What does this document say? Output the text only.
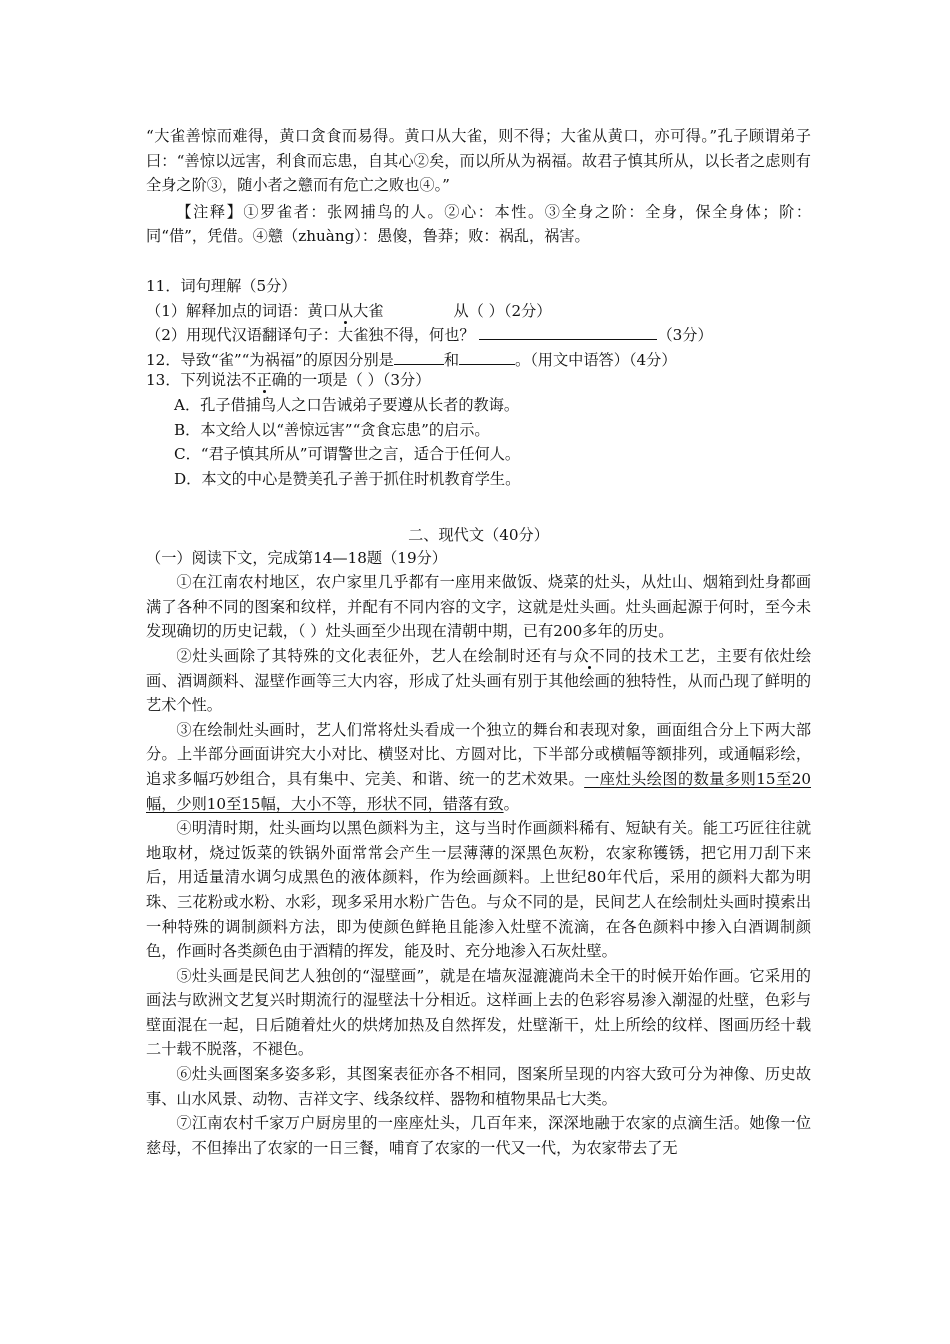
“大雀善惊而难得，黄口贪食而易得。黄口从大雀，则不得；大雀从黄口，亦可得。”孔子顾谓弟子曰：“善惊以远害，利食而忘患，自其心②矣，而以所从为祸福。故君子慎其所从，以长者之虑则有全身之阶③，随小者之戆而有危亡之败也④。”

【注释】①罗雀者：张网捕鸟的人。②心：本性。③全身之阶：全身，保全身体；阶：同“借”，凭借。④戆（zhuàng）：愚傻，鲁莽；败：祸乱，祸害。

11．词句理解（5分）

（1）解释加点的词语：黄口从大雀	从（ ）（2分）

（2）用现代汉语翻译句子：大雀独不得，何也？	（3分）

12．导致“雀”“为祸福”的原因分别是	和	。（用文中语答）（4分）

13．下列说法不正确的一项是（ ）（3分）

A．孔子借捕鸟人之口告诫弟子要遵从长者的教诲。

B．本文给人以“善惊远害”“贪食忘患”的启示。

C．“君子慎其所从”可谓警世之言，适合于任何人。

D．本文的中心是赞美孔子善于抓住时机教育学生。

二、现代文（40分）

（一）阅读下文，完成第14—18题（19分）

①在江南农村地区，农户家里几乎都有一座用来做饭、烧菜的灶头，从灶山、烟箱到灶身都画满了各种不同的图案和纹样，并配有不同内容的文字，这就是灶头画。灶头画起源于何时，至今未发现确切的历史记载，（ ）灶头画至少出现在清朝中期，已有200多年的历史。

②灶头画除了其特殊的文化表征外，艺人在绘制时还有与众不同的技术工艺，主要有依灶绘画、酒调颜料、湿壁作画等三大内容，形成了灶头画有别于其他绘画的独特性，从而凸现了鲜明的艺术个性。

③在绘制灶头画时，艺人们常将灶头看成一个独立的舞台和表现对象，画面组合分上下两大部分。上半部分画面讲究大小对比、横竖对比、方圆对比，下半部分或横幅等额排列，或通幅彩绘，追求多幅巧妙组合，具有集中、完美、和谐、统一的艺术效果。一座灶头绘图的数量多则15至20幅，少则10至15幅，大小不等，形状不同，错落有致。

④明清时期，灶头画均以黑色颜料为主，这与当时作画颜料稀有、短缺有关。能工巧匠往往就地取材，烧过饭菜的铁锅外面常常会产生一层薄薄的深黑色灰粉，农家称镬锈，把它用刀刮下来后，用适量清水调匀成黑色的液体颜料，作为绘画颜料。上世纪80年代后，采用的颜料大都为明珠、三花粉或水粉、水彩，现多采用水粉广告色。与众不同的是，民间艺人在绘制灶头画时摸索出一种特殊的调制颜料方法，即为使颜色鲜艳且能渗入灶壁不流滴，在各色颜料中掺入白酒调制颜色，作画时各类颜色由于酒精的挥发，能及时、充分地渗入石灰灶壁。

⑤灶头画是民间艺人独创的“湿壁画”，就是在墙灰湿漉漉尚未全干的时候开始作画。它采用的画法与欧洲文艺复兴时期流行的湿壁法十分相近。这样画上去的色彩容易渗入潮湿的灶壁，色彩与壁面混在一起，日后随着灶火的烘烤加热及自然挥发，灶壁渐干，灶上所绘的纹样、图画历经十载二十载不脱落，不褪色。

⑥灶头画图案多姿多彩，其图案表征亦各不相同，图案所呈现的内容大致可分为神像、历史故事、山水风景、动物、吉祥文字、线条纹样、器物和植物果品七大类。

⑦江南农村千家万户厨房里的一座座灶头，几百年来，深深地融于农家的点滴生活。她像一位慈母，不但捧出了农家的一日三餐，哺育了农家的一代又一代，为农家带去了无
